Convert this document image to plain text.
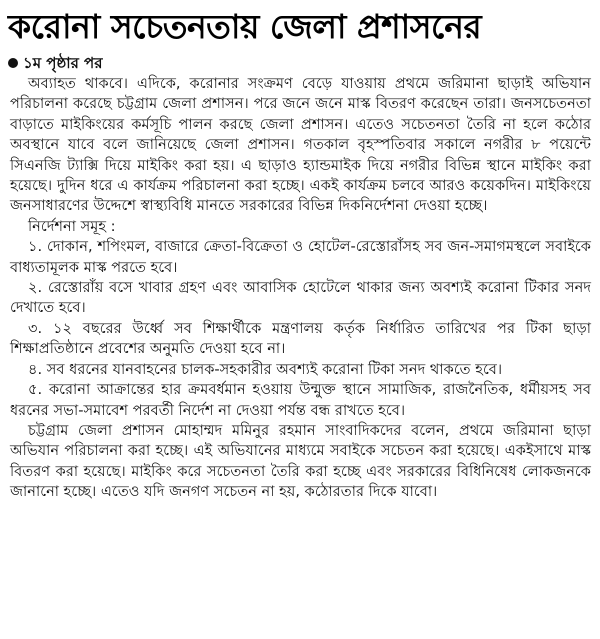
করোনা সচেতনতায় জেলা প্রশাসনের
১ম পৃষ্ঠার পর

অব্যাহত থাকবে। এদিকে, করোনার সংক্রমণ বেড়ে যাওয়ায় প্রথমে জরিমানা ছাড়াই অভিযান পরিচালনা করেছে চট্টগ্রাম জেলা প্রশাসন। পরে জনে জনে মাস্ক বিতরণ করেছেন তারা। জনসচেতনতা বাড়াতে মাইকিংয়ের কর্মসূচি পালন করছে জেলা প্রশাসন। এতেও সচেতনতা তৈরি না হলে কঠোর অবস্থানে যাবে বলে জানিয়েছে জেলা প্রশাসন। গতকাল বৃহস্পতিবার সকালে নগরীর ৮ পয়েন্টে সিএনজি ট্যাক্সি দিয়ে মাইকিং করা হয়। এ ছাড়াও হ্যান্ডমাইক দিয়ে নগরীর বিভিন্ন স্থানে মাইকিং করা হয়েছে। দুদিন ধরে এ কার্যক্রম পরিচালনা করা হচ্ছে। একই কার্যক্রম চলবে আরও কয়েকদিন। মাইকিংয়ে জনসাধারণের উদ্দেশে স্বাস্থ্যবিধি মানতে সরকারের বিভিন্ন দিকনির্দেশনা দেওয়া হচ্ছে।

নির্দেশনা সমূহ :

১. দোকান, শপিংমল, বাজারে ক্রেতা-বিক্রেতা ও হোটেল-রেস্তোরাঁসহ সব জন-সমাগমস্থলে সবাইকে বাধ্যতামূলক মাস্ক পরতে হবে।

২. রেস্তোরাঁয় বসে খাবার গ্রহণ এবং আবাসিক হোটেলে থাকার জন্য অবশ্যই করোনা টিকার সনদ দেখাতে হবে।

৩. ১২ বছরের উর্ধ্বে সব শিক্ষার্থীকে মন্ত্রণালয় কর্তৃক নির্ধারিত তারিখের পর টিকা ছাড়া শিক্ষাপ্রতিষ্ঠানে প্রবেশের অনুমতি দেওয়া হবে না।

৪. সব ধরনের যানবাহনের চালক-সহকারীর অবশ্যই করোনা টিকা সনদ থাকতে হবে।

৫. করোনা আক্রান্তের হার ক্রমবর্ধমান হওয়ায় উন্মুক্ত স্থানে সামাজিক, রাজনৈতিক, ধর্মীয়সহ সব ধরনের সভা-সমাবেশ পরবর্তী নির্দেশ না দেওয়া পর্যন্ত বন্ধ রাখতে হবে।

চট্টগ্রাম জেলা প্রশাসন মোহাম্মদ মমিনুর রহমান সাংবাদিকদের বলেন, প্রথমে জরিমানা ছাড়া অভিযান পরিচালনা করা হচ্ছে। এই অভিযানের মাধ্যমে সবাইকে সচেতন করা হয়েছে। একইসাথে মাস্ক বিতরণ করা হয়েছে। মাইকিং করে সচেতনতা তৈরি করা হচ্ছে এবং সরকারের বিধিনিষেধ লোকজনকে জানানো হচ্ছে। এতেও যদি জনগণ সচেতন না হয়, কঠোরতার দিকে যাবো।
